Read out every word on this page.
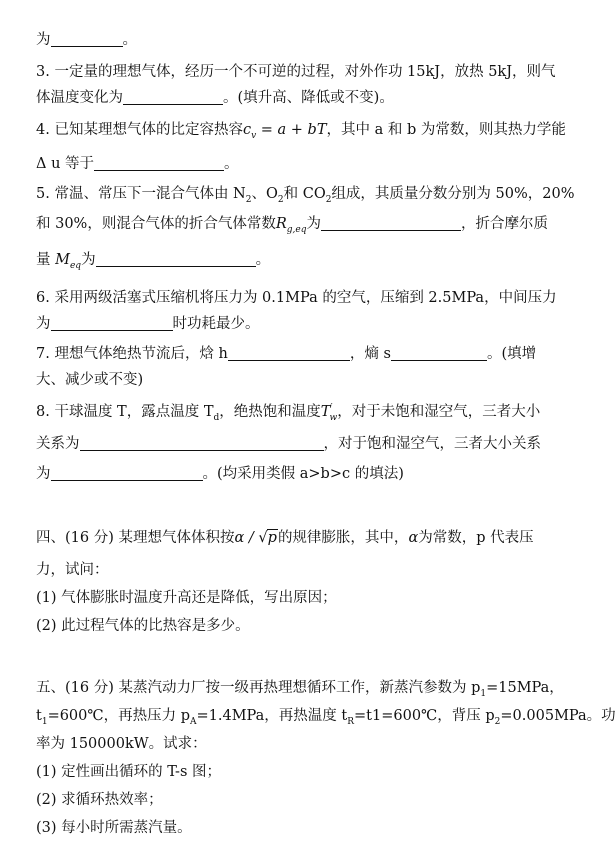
为	。
3. 一定量的理想气体，经历一个不可逆的过程，对外作功 15kJ，放热 5kJ，则气
体温度变化为	。(填升高、降低或不变)。
4. 已知某理想气体的比定容热容$c_v = a$ + bT，其中 a 和 b 为常数，则其热力学能
Δ u 等于	。
5. 常温、常压下一混合气体由 $N_2$、$O_2$和 $CO_2$组成，其质量分数分别为 50%，20%
和 30%，则混合气体的折合气体常数$R_{g,eq}$为	，折合摩尔质
量 $M_{eq}$为	。
6. 采用两级活塞式压缩机将压力为 0.1MPa 的空气，压缩到 2.5MPa，中间压力
为	时功耗最少。
7. 理想气体绝热节流后，焓 h	，熵 s	。(填增
大、减少或不变)
8. 干球温度 T，露点温度 $T_d$，绝热饱和温度$T'_w$，对于未饱和湿空气，三者大小
关系为	，对于饱和湿空气，三者大小关系
为	。(均采用类假 a>b>c 的填法)
四、(16 分) 某理想气体体积按α / √p的规律膨胀，其中，α为常数，p 代表压
力，试问：
(1) 气体膨胀时温度升高还是降低，写出原因；
(2) 此过程气体的比热容是多少。
五、(16 分) 某蒸汽动力厂按一级再热理想循环工作，新蒸汽参数为 $p_1=15MPa$，
$t_1=600℃$，再热压力 $p_A=1.4MPa$，再热温度 $t_R=t1=600℃$，背压 $p_2=0.005MPa$。功
率为 150000kW。试求：
(1) 定性画出循环的 T-s 图；
(2) 求循环热效率；
(3) 每小时所需蒸汽量。
